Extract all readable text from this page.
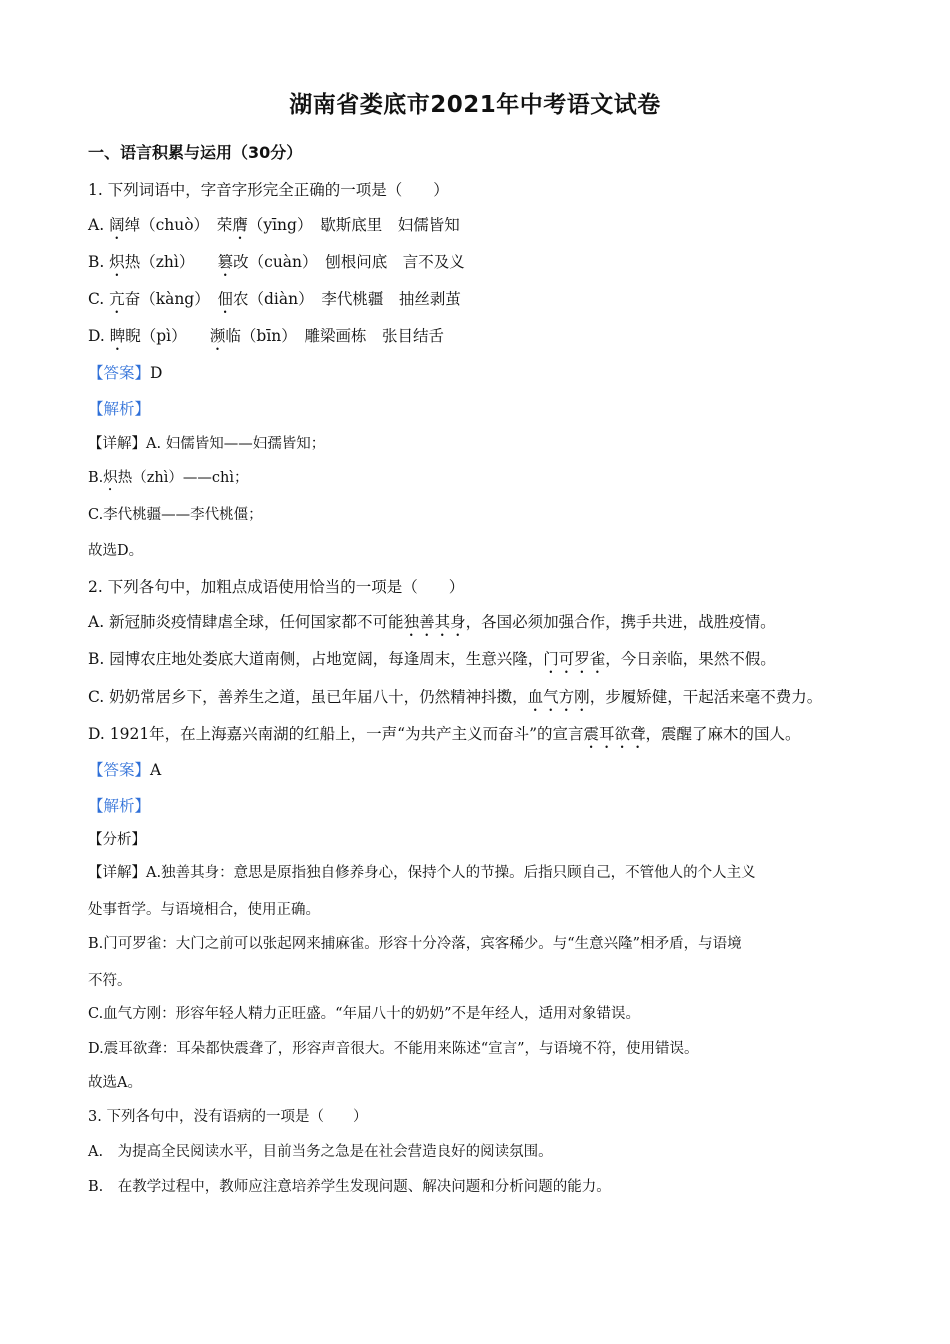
湖南省娄底市2021年中考语文试卷
一、语言积累与运用（30分）
1. 下列词语中，字音字形完全正确的一项是（　　）
A. 阔绰（chuò）　荣膺（yīng）　歇斯底里　妇儒皆知
B. 炽热（zhì）　　篡改（cuàn）　刨根问底　言不及义
C. 亢奋（kàng）　佃农（diàn）　李代桃疆　抽丝剥茧
D. 睥睨（pì）　　濒临（bīn）　雕梁画栋　张目结舌
【答案】D
【解析】
【详解】A. 妇儒皆知——妇孺皆知；
B.炽热（zhì）——chì；
C.李代桃疆——李代桃僵；
故选D。
2. 下列各句中，加粗点成语使用恰当的一项是（　　）
A. 新冠肺炎疫情肆虐全球，任何国家都不可能独善其身，各国必须加强合作，携手共进，战胜疫情。
B. 园博农庄地处娄底大道南侧，占地宽阔，每逢周末，生意兴隆，门可罗雀，今日亲临，果然不假。
C. 奶奶常居乡下，善养生之道，虽已年届八十，仍然精神抖擞，血气方刚，步履矫健，干起活来毫不费力。
D. 1921年，在上海嘉兴南湖的红船上，一声“为共产主义而奋斗”的宣言震耳欲聋，震醒了麻木的国人。
【答案】A
【解析】
【分析】
【详解】A.独善其身：意思是原指独自修养身心，保持个人的节操。后指只顾自己，不管他人的个人主义
处事哲学。与语境相合，使用正确。
B.门可罗雀：大门之前可以张起网来捕麻雀。形容十分冷落，宾客稀少。与“生意兴隆”相矛盾，与语境
不符。
C.血气方刚：形容年轻人精力正旺盛。“年届八十的奶奶”不是年经人，适用对象错误。
D.震耳欲聋：耳朵都快震聋了，形容声音很大。不能用来陈述“宣言”，与语境不符，使用错误。
故选A。
3. 下列各句中，没有语病的一项是（　　）
A.　为提高全民阅读水平，目前当务之急是在社会营造良好的阅读氛围。
B.　在教学过程中，教师应注意培养学生发现问题、解决问题和分析问题的能力。
